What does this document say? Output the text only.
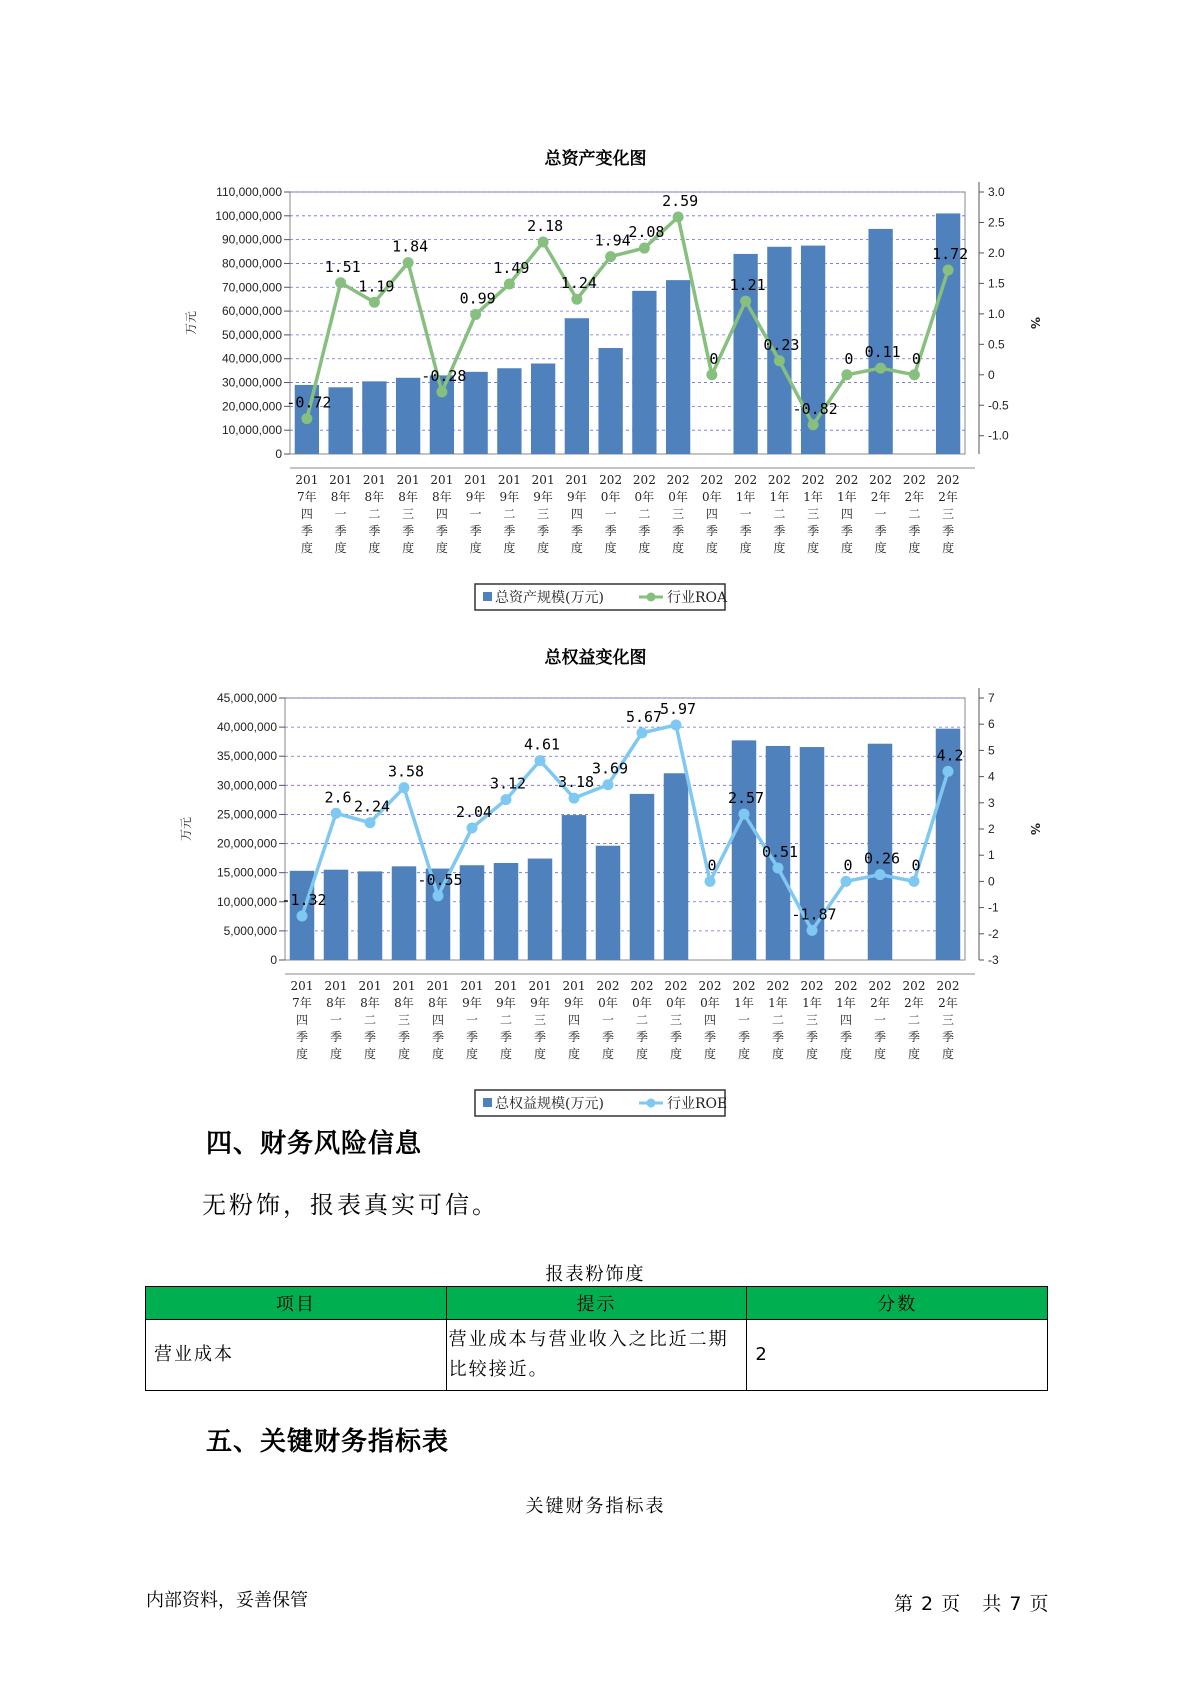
总资产变化图
0
10,000,000
20,000,000
30,000,000
40,000,000
50,000,000
60,000,000
70,000,000
80,000,000
90,000,000
100,000,000
110,000,000
-1.0
-0.5
0
0.5
1.0
1.5
2.0
2.5
3.0
万元	%
-0.72
1.51
1.19
1.84
-0.28
0.99
1.49
2.18
1.24
1.94
2.08
2.59
0
1.21
0.23
-0.82
0 0.11 0
1.72
201 7年四季度
201 8年一季度
201 8年二季度
201 8年三季度
201 8年四季度
201 9年一季度
201 9年二季度
201 9年三季度
201 9年四季度
202 0年一季度
202 0年二季度
202 0年三季度
202 0年四季度
202 1年一季度
202 1年二季度
202 1年三季度
202 1年四季度
202 2年一季度
202 2年二季度
202 2年三季度
总资产规模(万元)	行业ROA
总权益变化图
0
5,000,000
10,000,000
15,000,000
20,000,000
25,000,000
30,000,000
35,000,000
40,000,000
45,000,000
-3
-2
-1
0
1
2
3
4
5
6
7
万元	%
-1.32
2.6
2.24
3.58
-0.55
2.04
3.12
4.61
3.18
3.69
5.67
5.97
0
2.57
0.51
-1.87
0 0.26 0
4.2
201 7年四季度
201 8年一季度
201 8年二季度
201 8年三季度
201 8年四季度
201 9年一季度
201 9年二季度
201 9年三季度
201 9年四季度
202 0年一季度
202 0年二季度
202 0年三季度
202 0年四季度
202 1年一季度
202 1年二季度
202 1年三季度
202 1年四季度
202 2年一季度
202 2年二季度
202 2年三季度
总权益规模(万元)	行业ROE
四、财务风险信息
无粉饰，报表真实可信。
报表粉饰度
项目	提示	分数
营业成本	营业成本与营业收入之比近二期比较接近。	2
五、关键财务指标表
关键财务指标表
内部资料，妥善保管	第 2 页   共 7 页
